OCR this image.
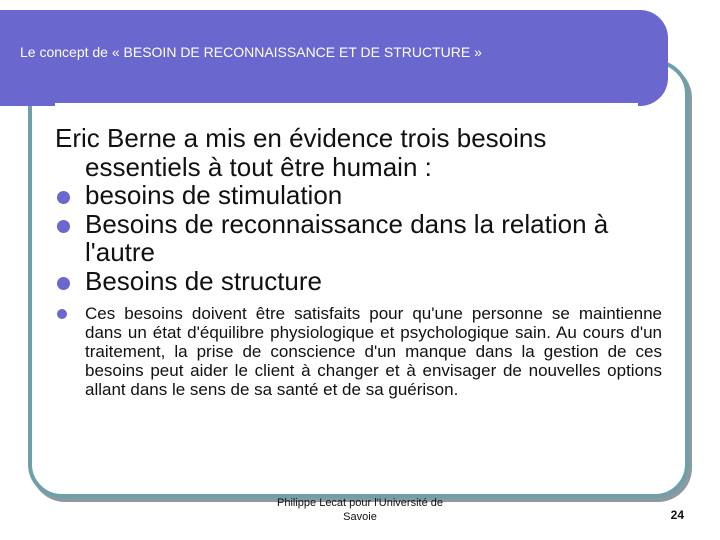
Le concept de « BESOIN DE RECONNAISSANCE ET DE STRUCTURE »

Eric Berne a mis en évidence trois besoins essentiels à tout être humain :

besoins de stimulation
Besoins de reconnaissance dans la relation à l'autre
Besoins de structure
Ces besoins doivent être satisfaits pour qu'une personne se maintienne dans un état d'équilibre physiologique et psychologique sain. Au cours d'un traitement, la prise de conscience d'un manque dans la gestion de ces besoins peut aider le client à changer et à envisager de nouvelles options allant dans le sens de sa santé et de sa guérison.
Philippe Lecat pour l'Université de
Savoie	24
